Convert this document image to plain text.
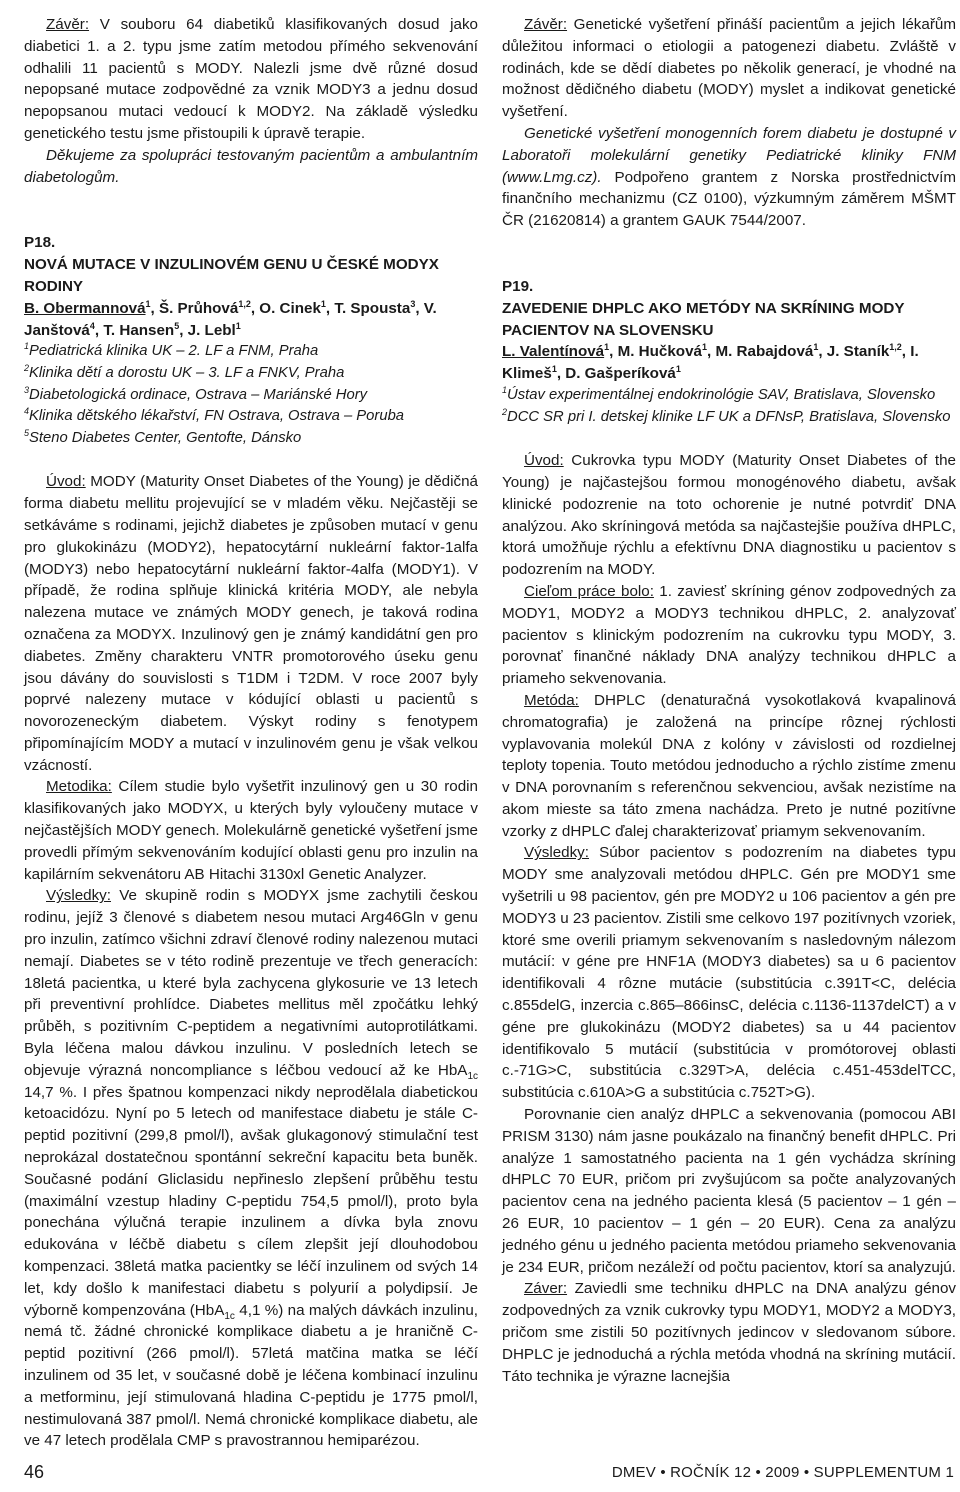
Závěr: V souboru 64 diabetiků klasifikovaných dosud jako diabetici 1. a 2. typu jsme zatím metodou přímého sekvenování odhalili 11 pacientů s MODY. Nalezli jsme dvě různé dosud nepopsané mutace zodpovědné za vznik MODY3 a jednu dosud nepopsanou mutaci vedoucí k MODY2. Na základě výsledku genetického testu jsme přistoupili k úpravě terapie.

Děkujeme za spolupráci testovaným pacientům a ambulantním diabetologům.

P18.

NOVÁ MUTACE V INZULINOVÉM GENU U ČESKÉ MODYX RODINY

B. Obermannová$^1$, Š. Průhová$^{1,2}$, O. Cinek$^1$, T. Spousta$^3$, V. Janštová$^4$, T. Hansen$^5$, J. Lebl$^1$

$^1$Pediatrická klinika UK – 2. LF a FNM, Praha
$^2$Klinika dětí a dorostu UK – 3. LF a FNKV, Praha
$^3$Diabetologická ordinace, Ostrava – Mariánské Hory
$^4$Klinika dětského lékařství, FN Ostrava, Ostrava – Poruba
$^5$Steno Diabetes Center, Gentofte, Dánsko

Úvod: MODY (Maturity Onset Diabetes of the Young) je dědičná forma diabetu mellitu projevující se v mladém věku. Nejčastěji se setkáváme s rodinami, jejichž diabetes je způsoben mutací v genu pro glukokinázu (MODY2), hepatocytární nukleární faktor-1alfa (MODY3) nebo hepatocytární nukleární faktor-4alfa (MODY1). V případě, že rodina splňuje klinická kritéria MODY, ale nebyla nalezena mutace ve známých MODY genech, je taková rodina označena za MODYX. Inzulinový gen je známý kandidátní gen pro diabetes. Změny charakteru VNTR promotorového úseku genu jsou dávány do souvislosti s T1DM i T2DM. V roce 2007 byly poprvé nalezeny mutace v kódující oblasti u pacientů s novorozeneckým diabetem. Výskyt rodiny s fenotypem připomínajícím MODY a mutací v inzulinovém genu je však velkou vzácností.

Metodika: Cílem studie bylo vyšetřit inzulinový gen u 30 rodin klasifikovaných jako MODYX, u kterých byly vyloučeny mutace v nejčastějších MODY genech. Molekulárně genetické vyšetření jsme provedli přímým sekvenováním kodující oblasti genu pro inzulin na kapilárním sekvenátoru AB Hitachi 3130xl Genetic Analyzer.

Výsledky: Ve skupině rodin s MODYX jsme zachytili českou rodinu, jejíž 3 členové s diabetem nesou mutaci Arg46Gln v genu pro inzulin, zatímco všichni zdraví členové rodiny nalezenou mutaci nemají. Diabetes se v této rodině prezentuje ve třech generacích: 18letá pacientka, u které byla zachycena glykosurie ve 13 letech při preventivní prohlídce. Diabetes mellitus měl zpočátku lehký průběh, s pozitivním C-peptidem a negativními autoprotilátkami. Byla léčena malou dávkou inzulinu. V posledních letech se objevuje výrazná noncompliance s léčbou vedoucí až ke HbA$_{1c}$ 14,7 %. I přes špatnou kompenzaci nikdy neprodělala diabetickou ketoacidózu. Nyní po 5 letech od manifestace diabetu je stále C-peptid pozitivní (299,8 pmol/l), avšak glukagonový stimulační test neprokázal dostatečnou spontánní sekreční kapacitu beta buněk. Současné podání Gliclasidu nepřineslo zlepšení průběhu testu (maximální vzestup hladiny C-peptidu 754,5 pmol/l), proto byla ponechána výlučná terapie inzulinem a dívka byla znovu edukována v léčbě diabetu s cílem zlepšit její dlouhodobou kompenzaci. 38letá matka pacientky se léčí inzulinem od svých 14 let, kdy došlo k manifestaci diabetu s polyurií a polydipsií. Je výborně kompenzována (HbA$_{1c}$ 4,1 %) na malých dávkách inzulinu, nemá tč. žádné chronické komplikace diabetu a je hraničně C-peptid pozitivní (266 pmol/l). 57letá matčina matka se léčí inzulinem od 35 let, v současné době je léčena kombinací inzulinu a metforminu, její stimulovaná hladina C-peptidu je 1775 pmol/l, nestimulovaná 387 pmol/l. Nemá chronické komplikace diabetu, ale ve 47 letech prodělala CMP s pravostrannou hemiparézou.

Závěr: Genetické vyšetření přináší pacientům a jejich lékařům důležitou informaci o etiologii a patogenezi diabetu. Zvláště v rodinách, kde se dědí diabetes po několik generací, je vhodné na možnost dědičného diabetu (MODY) myslet a indikovat genetické vyšetření.

Genetické vyšetření monogenních forem diabetu je dostupné v Laboratoři molekulární genetiky Pediatrické kliniky FNM (www.Lmg.cz). Podpořeno grantem z Norska prostřednictvím finančního mechanizmu (CZ 0100), výzkumným záměrem MŠMT ČR (21620814) a grantem GAUK 7544/2007.

P19.

ZAVEDENIE DHPLC AKO METÓDY NA SKRÍNING MODY PACIENTOV NA SLOVENSKU

L. Valentínová$^1$, M. Hučková$^1$, M. Rabajdová$^1$, J. Staník$^{1,2}$, I. Klimeš$^1$, D. Gašperíková$^1$

$^1$Ústav experimentálnej endokrinológie SAV, Bratislava, Slovensko
$^2$DCC SR pri I. detskej klinike LF UK a DFNsP, Bratislava, Slovensko

Úvod: Cukrovka typu MODY (Maturity Onset Diabetes of the Young) je najčastejšou formou monogénového diabetu, avšak klinické podozrenie na toto ochorenie je nutné potvrdiť DNA analýzou. Ako skríningová metóda sa najčastejšie používa dHPLC, ktorá umožňuje rýchlu a efektívnu DNA diagnostiku u pacientov s podozrením na MODY.

Cieľom práce bolo: 1. zaviesť skríning génov zodpovedných za MODY1, MODY2 a MODY3 technikou dHPLC, 2. analyzovať pacientov s klinickým podozrením na cukrovku typu MODY, 3. porovnať finančné náklady DNA analýzy technikou dHPLC a priameho sekvenovania.

Metóda: DHPLC (denaturačná vysokotlaková kvapalinová chromatografia) je založená na princípe rôznej rýchlosti vyplavovania molekúl DNA z kolóny v závislosti od rozdielnej teploty topenia. Touto metódou jednoducho a rýchlo zistíme zmenu v DNA porovnaním s referenčnou sekvenciou, avšak nezistíme na akom mieste sa táto zmena nachádza. Preto je nutné pozitívne vzorky z dHPLC ďalej charakterizovať priamym sekvenovaním.

Výsledky: Súbor pacientov s podozrením na diabetes typu MODY sme analyzovali metódou dHPLC. Gén pre MODY1 sme vyšetrili u 98 pacientov, gén pre MODY2 u 106 pacientov a gén pre MODY3 u 23 pacientov. Zistili sme celkovo 197 pozitívnych vzoriek, ktoré sme overili priamym sekvenovaním s nasledovným nálezom mutácií: v géne pre HNF1A (MODY3 diabetes) sa u 6 pacientov identifikovali 4 rôzne mutácie (substitúcia c.391T<C, delécia c.855delG, inzercia c.865–866insC, delécia c.1136-1137delCT) a v géne pre glukokinázu (MODY2 diabetes) sa u 44 pacientov identifikovalo 5 mutácií (substitúcia v promótorovej oblasti c.-71G>C, substitúcia c.329T>A, delécia c.451-453delTCC, substitúcia c.610A>G a substitúcia c.752T>G).

Porovnanie cien analýz dHPLC a sekvenovania (pomocou ABI PRISM 3130) nám jasne poukázalo na finančný benefit dHPLC. Pri analýze 1 samostatného pacienta na 1 gén vychádza skríning dHPLC 70 EUR, pričom pri zvyšujúcom sa počte analyzovaných pacientov cena na jedného pacienta klesá (5 pacientov – 1 gén – 26 EUR, 10 pacientov – 1 gén – 20 EUR). Cena za analýzu jedného génu u jedného pacienta metódou priameho sekvenovania je 234 EUR, pričom nezáleží od počtu pacientov, ktorí sa analyzujú.

Záver: Zaviedli sme techniku dHPLC na DNA analýzu génov zodpovedných za vznik cukrovky typu MODY1, MODY2 a MODY3, pričom sme zistili 50 pozitívnych jedincov v sledovanom súbore. DHPLC je jednoduchá a rýchla metóda vhodná na skríning mutácií. Táto technika je výrazne lacnejšia

46	DMEV • ROČNÍK 12 • 2009 • SUPPLEMENTUM 1
